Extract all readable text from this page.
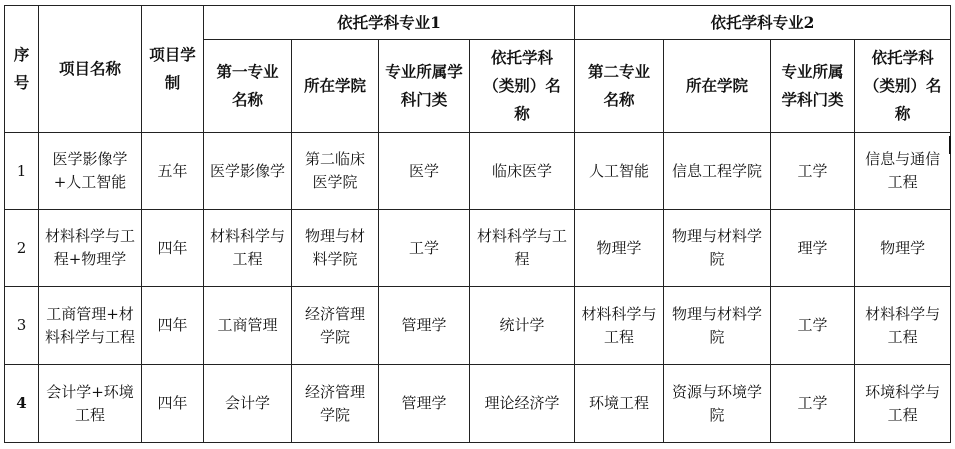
序号	项目名称	项目学制	依托学科专业1				依托学科专业2			
			第一专业名称	所在学院	专业所属学科门类	依托学科（类别）名称	第二专业名称	所在学院	专业所属学科门类	依托学科（类别）名称
1	医学影像学+人工智能	五年	医学影像学	第二临床医学院	医学	临床医学	人工智能	信息工程学院	工学	信息与通信工程
2	材料科学与工程+物理学	四年	材料科学与工程	物理与材料学院	工学	材料科学与工程	物理学	物理与材料学院	理学	物理学
3	工商管理+材料科学与工程	四年	工商管理	经济管理学院	管理学	统计学	材料科学与工程	物理与材料学院	工学	材料科学与工程
4	会计学+环境工程	四年	会计学	经济管理学院	管理学	理论经济学	环境工程	资源与环境学院	工学	环境科学与工程
